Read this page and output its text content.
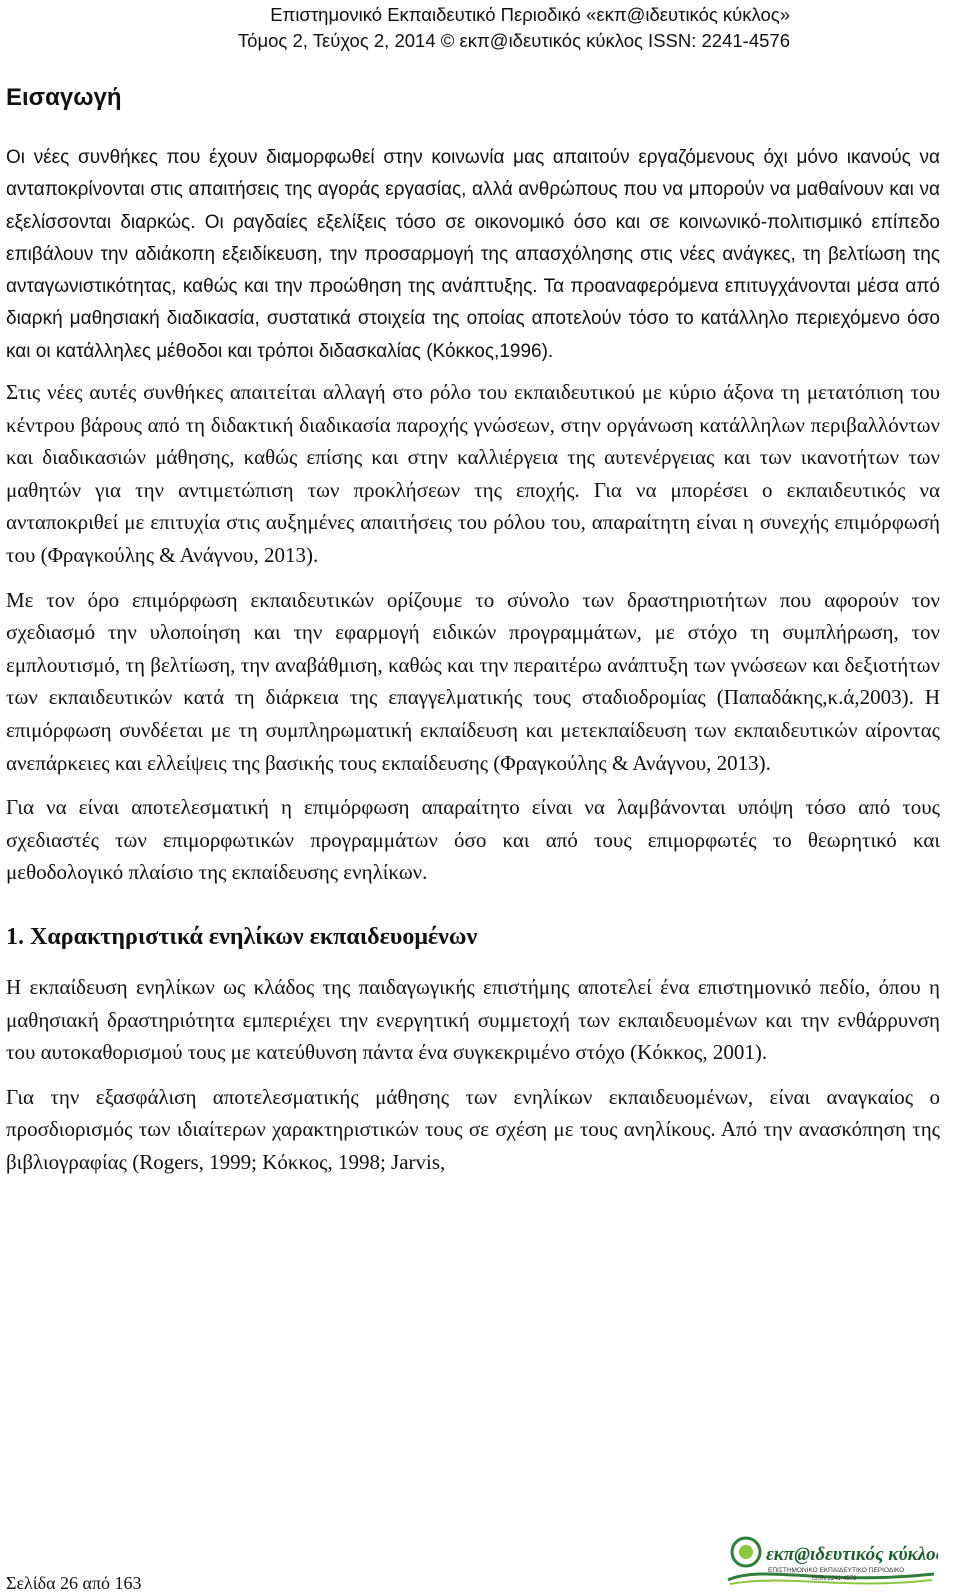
Επιστημονικό Εκπαιδευτικό Περιοδικό «εκπ@ιδευτικός κύκλος»
Τόμος 2, Τεύχος 2, 2014 © εκπ@ιδευτικός κύκλος ISSN: 2241-4576
Εισαγωγή

Οι νέες συνθήκες που έχουν διαμορφωθεί στην κοινωνία μας απαιτούν εργαζόμενους όχι μόνο ικανούς να ανταποκρίνονται στις απαιτήσεις της αγοράς εργασίας, αλλά ανθρώπους που να μπορούν να μαθαίνουν και να εξελίσσονται διαρκώς. Οι ραγδαίες εξελίξεις τόσο σε οικονομικό όσο και σε κοινωνικό-πολιτισμικό επίπεδο επιβάλουν την αδιάκοπη εξειδίκευση, την προσαρμογή της απασχόλησης στις νέες ανάγκες, τη βελτίωση της ανταγωνιστικότητας, καθώς και την προώθηση της ανάπτυξης. Τα προαναφερόμενα επιτυγχάνονται μέσα από διαρκή μαθησιακή διαδικασία, συστατικά στοιχεία της οποίας αποτελούν τόσο το κατάλληλο περιεχόμενο όσο και οι κατάλληλες μέθοδοι και τρόποι διδασκαλίας (Κόκκος,1996).

Στις νέες αυτές συνθήκες απαιτείται αλλαγή στο ρόλο του εκπαιδευτικού με κύριο άξονα τη μετατόπιση του κέντρου βάρους από τη διδακτική διαδικασία παροχής γνώσεων, στην οργάνωση κατάλληλων περιβαλλόντων και διαδικασιών μάθησης, καθώς επίσης και στην καλλιέργεια της αυτενέργειας και των ικανοτήτων των μαθητών για την αντιμετώπιση των προκλήσεων της εποχής. Για να μπορέσει ο εκπαιδευτικός να ανταποκριθεί με επιτυχία στις αυξημένες απαιτήσεις του ρόλου του, απαραίτητη είναι η συνεχής επιμόρφωσή του (Φραγκούλης & Ανάγνου, 2013).

Με τον όρο επιμόρφωση εκπαιδευτικών ορίζουμε το σύνολο των δραστηριοτήτων που αφορούν τον σχεδιασμό την υλοποίηση και την εφαρμογή ειδικών προγραμμάτων, με στόχο τη συμπλήρωση, τον εμπλουτισμό, τη βελτίωση, την αναβάθμιση, καθώς και την περαιτέρω ανάπτυξη των γνώσεων και δεξιοτήτων των εκπαιδευτικών κατά τη διάρκεια της επαγγελματικής τους σταδιοδρομίας (Παπαδάκης,κ.ά,2003). Η επιμόρφωση συνδέεται με τη συμπληρωματική εκπαίδευση και μετεκπαίδευση των εκπαιδευτικών αίροντας ανεπάρκειες και ελλείψεις της βασικής τους εκπαίδευσης (Φραγκούλης & Ανάγνου, 2013).

Για να είναι αποτελεσματική η επιμόρφωση απαραίτητο είναι να λαμβάνονται υπόψη τόσο από τους σχεδιαστές των επιμορφωτικών προγραμμάτων όσο και από τους επιμορφωτές το θεωρητικό και μεθοδολογικό πλαίσιο της εκπαίδευσης ενηλίκων.

1. Χαρακτηριστικά ενηλίκων εκπαιδευομένων

Η εκπαίδευση ενηλίκων ως κλάδος της παιδαγωγικής επιστήμης αποτελεί ένα επιστημονικό πεδίο, όπου η μαθησιακή δραστηριότητα εμπεριέχει την ενεργητική συμμετοχή των εκπαιδευομένων και την ενθάρρυνση του αυτοκαθορισμού τους με κατεύθυνση πάντα ένα συγκεκριμένο στόχο (Κόκκος, 2001).

Για την εξασφάλιση αποτελεσματικής μάθησης των ενηλίκων εκπαιδευομένων, είναι αναγκαίος ο προσδιορισμός των ιδιαίτερων χαρακτηριστικών τους σε σχέση με τους ανηλίκους. Από την ανασκόπηση της βιβλιογραφίας (Rogers, 1999; Κόκκος, 1998; Jarvis,

Σελίδα 26 από 163
εκπ@ιδευτικός κύκλος
ΕΠΙΣΤΗΜΟΝΙΚΟ ΕΚΠΑΙΔΕΥΤΙΚΟ ΠΕΡΙΟΔΙΚΟ
ISSN 2241-4576
